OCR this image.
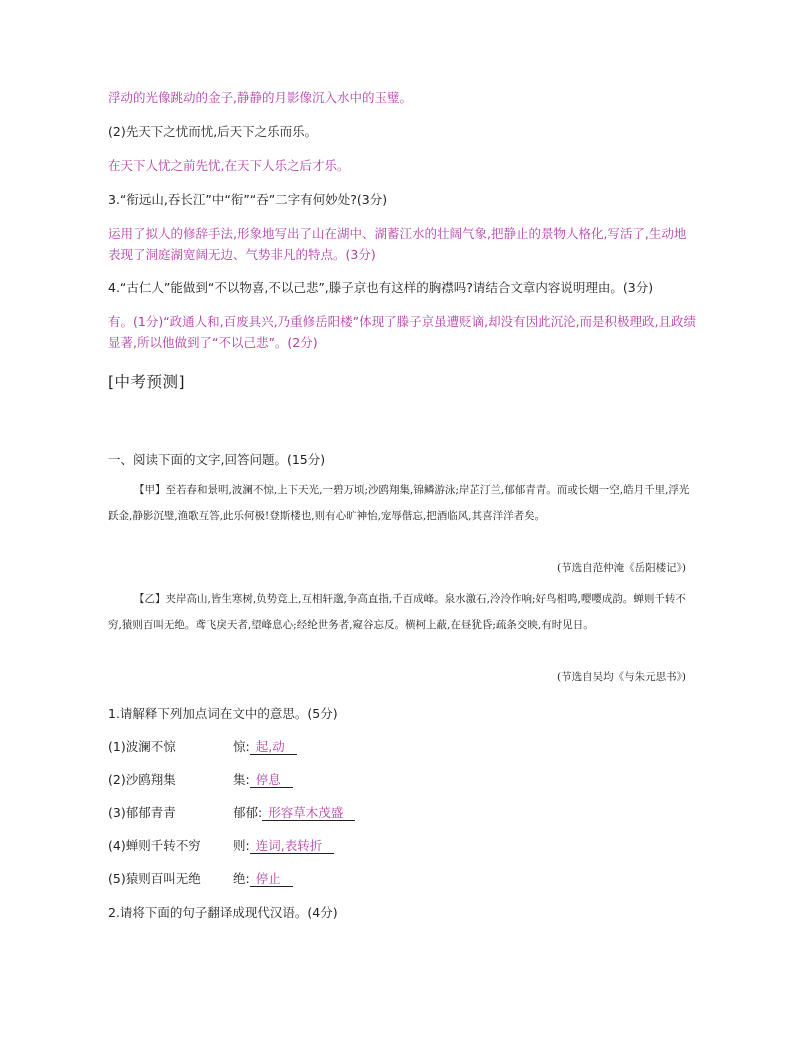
浮动的光像跳动的金子,静静的月影像沉入水中的玉璧。
(2)先天下之忧而忧,后天下之乐而乐。
在天下人忧之前先忧,在天下人乐之后才乐。
3.“衔远山,吞长江”中“衔”“吞”二字有何妙处?(3分)
运用了拟人的修辞手法,形象地写出了山在湖中、湖蓄江水的壮阔气象,把静止的景物人格化,写活了,生动地表现了洞庭湖宽阔无边、气势非凡的特点。(3分)
4.“古仁人”能做到“不以物喜,不以己悲”,滕子京也有这样的胸襟吗?请结合文章内容说明理由。(3分)
有。(1分)“政通人和,百废具兴,乃重修岳阳楼”体现了滕子京虽遭贬谪,却没有因此沉沦,而是积极理政,且政绩显著,所以他做到了“不以己悲”。(2分)
[中考预测]
一、阅读下面的文字,回答问题。(15分)
【甲】至若春和景明,波澜不惊,上下天光,一碧万顷;沙鸥翔集,锦鳞游泳;岸芷汀兰,郁郁青青。而或长烟一空,皓月千里,浮光跃金,静影沉璧,渔歌互答,此乐何极!登斯楼也,则有心旷神怡,宠辱偕忘,把酒临风,其喜洋洋者矣。
(节选自范仲淹《岳阳楼记》)
【乙】夹岸高山,皆生寒树,负势竞上,互相轩邈,争高直指,千百成峰。泉水激石,泠泠作响;好鸟相鸣,嘤嘤成韵。蝉则千转不穷,猿则百叫无绝。鸢飞戾天者,望峰息心;经纶世务者,窥谷忘反。横柯上蔽,在昼犹昏;疏条交映,有时见日。
(节选自吴均《与朱元思书》)
1.请解释下列加点词在文中的意思。(5分)
(1)波澜不惊	惊: 起,动
(2)沙鸥翔集	集: 停息
(3)郁郁青青	郁郁: 形容草木茂盛
(4)蝉则千转不穷	则: 连词,表转折
(5)猿则百叫无绝	绝: 停止
2.请将下面的句子翻译成现代汉语。(4分)
